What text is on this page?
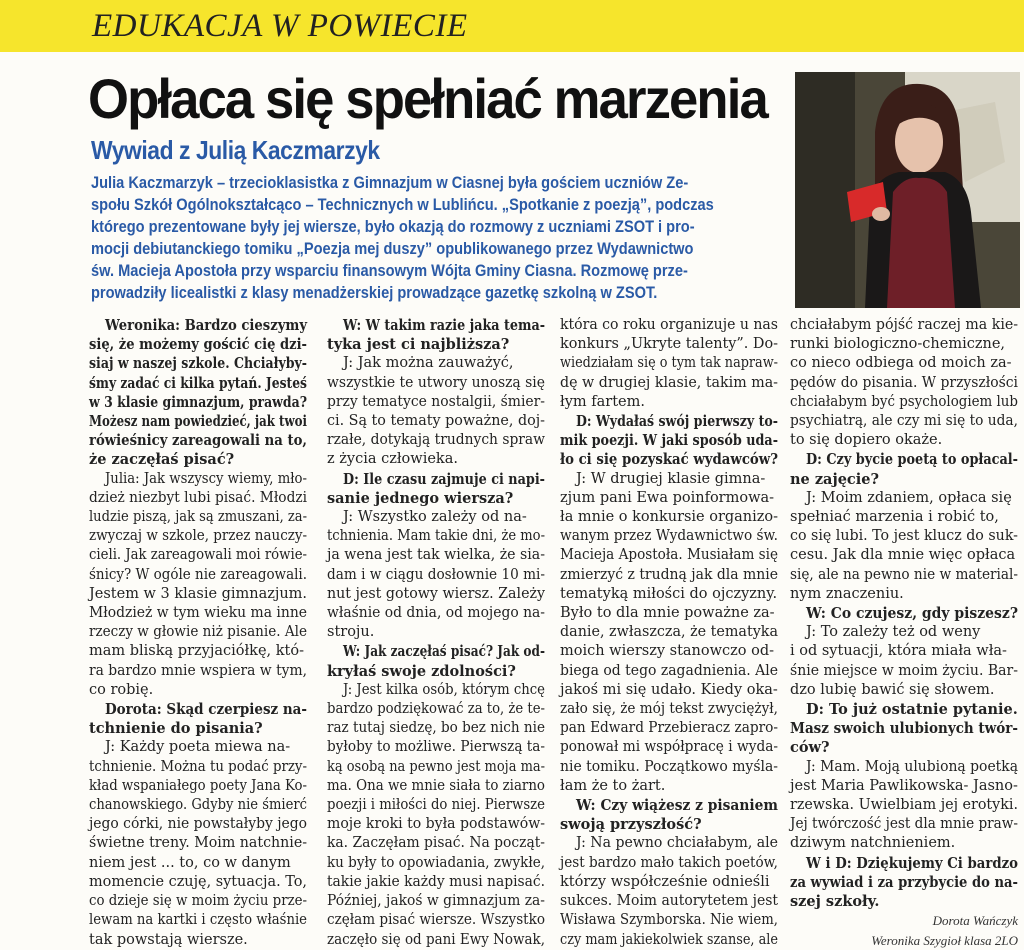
EDUKACJA W POWIECIE
Opłaca się spełniać marzenia
Wywiad z Julią Kaczmarzyk
Julia Kaczmarzyk – trzecioklasistka z Gimnazjum w Ciasnej była gościem uczniów Ze-
społu Szkół Ogólnokształcąco – Technicznych w Lublińcu. „Spotkanie z poezją”, podczas
którego prezentowane były jej wiersze, było okazją do rozmowy z uczniami ZSOT i pro-
mocji debiutanckiego tomiku „Poezja mej duszy” opublikowanego przez Wydawnictwo
św. Macieja Apostoła przy wsparciu finansowym Wójta Gminy Ciasna. Rozmowę prze-
prowadziły licealistki z klasy menadżerskiej prowadzące gazetkę szkolną w ZSOT.
Weronika: Bardzo cieszymy
się, że możemy gościć cię dzi-
siaj w naszej szkole. Chciałyby-
śmy zadać ci kilka pytań. Jesteś
w 3 klasie gimnazjum, prawda?
Możesz nam powiedzieć, jak twoi
rówieśnicy zareagowali na to,
że zaczęłaś pisać?
Julia: Jak wszyscy wiemy, mło-
dzież niezbyt lubi pisać. Młodzi
ludzie piszą, jak są zmuszani, za-
zwyczaj w szkole, przez nauczy-
cieli. Jak zareagowali moi rówie-
śnicy? W ogóle nie zareagowali.
Jestem w 3 klasie gimnazjum.
Młodzież w tym wieku ma inne
rzeczy w głowie niż pisanie. Ale
mam bliską przyjaciółkę, któ-
ra bardzo mnie wspiera w tym,
co robię.
Dorota: Skąd czerpiesz na-
tchnienie do pisania?
J: Każdy poeta miewa na-
tchnienie. Można tu podać przy-
kład wspaniałego poety Jana Ko-
chanowskiego. Gdyby nie śmierć
jego córki, nie powstałyby jego
świetne treny. Moim natchnie-
niem jest ... to, co w danym
momencie czuję, sytuacja. To,
co dzieje się w moim życiu prze-
lewam na kartki i często właśnie
tak powstają wiersze.
W: W takim razie jaka tema-
tyka jest ci najbliższa?
J: Jak można zauważyć,
wszystkie te utwory unoszą się
przy tematyce nostalgii, śmier-
ci. Są to tematy poważne, doj-
rzałe, dotykają trudnych spraw
z życia człowieka.
D: Ile czasu zajmuje ci napi-
sanie jednego wiersza?
J: Wszystko zależy od na-
tchnienia. Mam takie dni, że mo-
ja wena jest tak wielka, że sia-
dam i w ciągu dosłownie 10 mi-
nut jest gotowy wiersz. Zależy
właśnie od dnia, od mojego na-
stroju.
W: Jak zaczęłaś pisać? Jak od-
kryłaś swoje zdolności?
J: Jest kilka osób, którym chcę
bardzo podziękować za to, że te-
raz tutaj siedzę, bo bez nich nie
byłoby to możliwe. Pierwszą ta-
ką osobą na pewno jest moja ma-
ma. Ona we mnie siała to ziarno
poezji i miłości do niej. Pierwsze
moje kroki to była podstawów-
ka. Zaczęłam pisać. Na począt-
ku były to opowiadania, zwykłe,
takie jakie każdy musi napisać.
Później, jakoś w gimnazjum za-
częłam pisać wiersze. Wszystko
zaczęło się od pani Ewy Nowak,
która co roku organizuje u nas
konkurs „Ukryte talenty”. Do-
wiedziałam się o tym tak napraw-
dę w drugiej klasie, takim ma-
łym fartem.
D: Wydałaś swój pierwszy to-
mik poezji. W jaki sposób uda-
ło ci się pozyskać wydawców?
J: W drugiej klasie gimna-
zjum pani Ewa poinformowa-
ła mnie o konkursie organizo-
wanym przez Wydawnictwo św.
Macieja Apostoła. Musiałam się
zmierzyć z trudną jak dla mnie
tematyką miłości do ojczyzny.
Było to dla mnie poważne za-
danie, zwłaszcza, że tematyka
moich wierszy stanowczo od-
biega od tego zagadnienia. Ale
jakoś mi się udało. Kiedy oka-
zało się, że mój tekst zwyciężył,
pan Edward Przebieracz zapro-
ponował mi współpracę i wyda-
nie tomiku. Początkowo myśla-
łam że to żart.
W: Czy wiążesz z pisaniem
swoją przyszłość?
J: Na pewno chciałabym, ale
jest bardzo mało takich poetów,
którzy współcześnie odnieśli
sukces. Moim autorytetem jest
Wisława Szymborska. Nie wiem,
czy mam jakiekolwiek szanse, ale
chciałabym pójść raczej ma kie-
runki biologiczno-chemiczne,
co nieco odbiega od moich za-
pędów do pisania. W przyszłości
chciałabym być psychologiem lub
psychiatrą, ale czy mi się to uda,
to się dopiero okaże.
D: Czy bycie poetą to opłacal-
ne zajęcie?
J: Moim zdaniem, opłaca się
spełniać marzenia i robić to,
co się lubi. To jest klucz do suk-
cesu. Jak dla mnie więc opłaca
się, ale na pewno nie w material-
nym znaczeniu.
W: Co czujesz, gdy piszesz?
J: To zależy też od weny
i od sytuacji, która miała wła-
śnie miejsce w moim życiu. Bar-
dzo lubię bawić się słowem.
D: To już ostatnie pytanie.
Masz swoich ulubionych twór-
ców?
J: Mam. Moją ulubioną poetką
jest Maria Pawlikowska- Jasno-
rzewska. Uwielbiam jej erotyki.
Jej twórczość jest dla mnie praw-
dziwym natchnieniem.
W i D: Dziękujemy Ci bardzo
za wywiad i za przybycie do na-
szej szkoły.
Dorota Wańczyk
Weronika Szygioł klasa 2LO
